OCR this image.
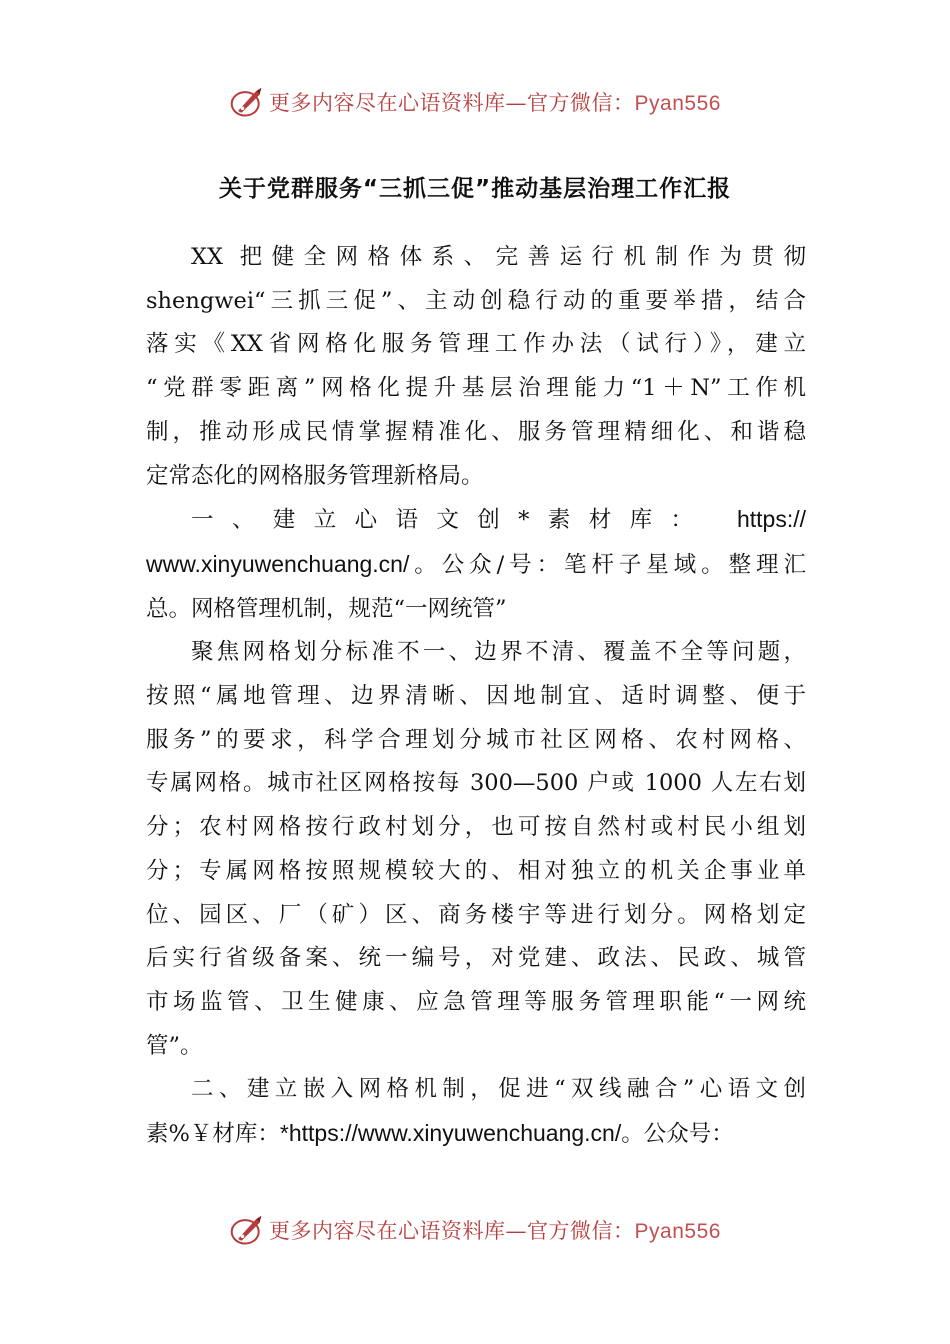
更多内容尽在心语资料库—官方微信：Pyan556
关于党群服务“三抓三促”推动基层治理工作汇报
XX 把健全网格体系、完善运行机制作为贯彻
shengwei“三抓三促”、主动创稳行动的重要举措，结合
落实《XX省网格化服务管理工作办法（试行）》，建立
“党群零距离”网格化提升基层治理能力“1＋N”工作机
制，推动形成民情掌握精准化、服务管理精细化、和谐稳
定常态化的网格服务管理新格局。
一、建立心语文创*素材库： https://
www.xinyuwenchuang.cn/。公众/号：笔杆子星域。整理汇
总。网格管理机制，规范“一网统管”
聚焦网格划分标准不一、边界不清、覆盖不全等问题，
按照“属地管理、边界清晰、因地制宜、适时调整、便于
服务”的要求，科学合理划分城市社区网格、农村网格、
专属网格。城市社区网格按每 300—500 户或 1000 人左右划
分；农村网格按行政村划分，也可按自然村或村民小组划
分；专属网格按照规模较大的、相对独立的机关企事业单
位、园区、厂（矿）区、商务楼宇等进行划分。网格划定
后实行省级备案、统一编号，对党建、政法、民政、城管
市场监管、卫生健康、应急管理等服务管理职能“一网统
管”。
二、建立嵌入网格机制，促进“双线融合”心语文创
素%￥材库：*https://www.xinyuwenchuang.cn/。公众号：
更多内容尽在心语资料库—官方微信：Pyan556
